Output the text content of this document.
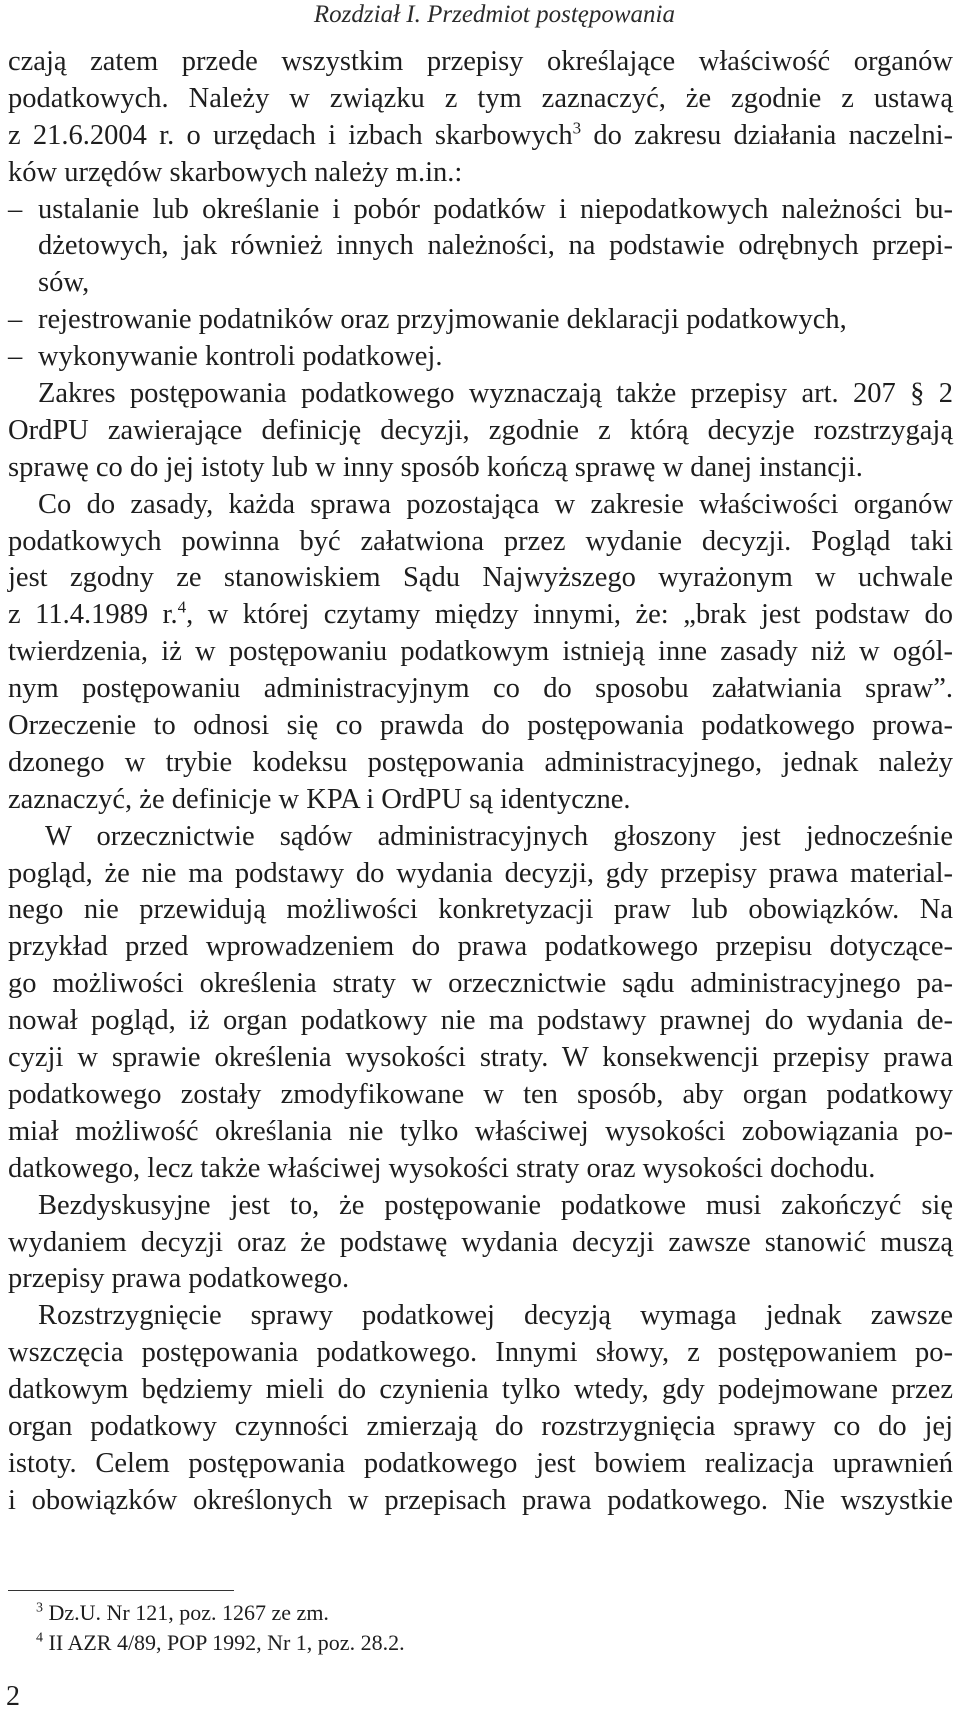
Rozdział I. Przedmiot postępowania
czają zatem przede wszystkim przepisy określające właściwość organów
podatkowych. Należy w związku z tym zaznaczyć, że zgodnie z ustawą
z 21.6.2004 r. o urzędach i izbach skarbowych$^3$ do zakresu działania naczelni-
ków urzędów skarbowych należy m.in.:
– ustalanie lub określanie i pobór podatków i niepodatkowych należności bu-
dżetowych, jak również innych należności, na podstawie odrębnych przepi-
sów,
– rejestrowanie podatników oraz przyjmowanie deklaracji podatkowych,
– wykonywanie kontroli podatkowej.
Zakres postępowania podatkowego wyznaczają także przepisy art. 207 § 2
OrdPU zawierające definicję decyzji, zgodnie z którą decyzje rozstrzygają
sprawę co do jej istoty lub w inny sposób kończą sprawę w danej instancji.
Co do zasady, każda sprawa pozostająca w zakresie właściwości organów
podatkowych powinna być załatwiona przez wydanie decyzji. Pogląd taki
jest zgodny ze stanowiskiem Sądu Najwyższego wyrażonym w uchwale
z 11.4.1989 r.$^4$, w której czytamy między innymi, że: „brak jest podstaw do
twierdzenia, iż w postępowaniu podatkowym istnieją inne zasady niż w ogól-
nym postępowaniu administracyjnym co do sposobu załatwiania spraw”.
Orzeczenie to odnosi się co prawda do postępowania podatkowego prowa-
dzonego w trybie kodeksu postępowania administracyjnego, jednak należy
zaznaczyć, że definicje w KPA i OrdPU są identyczne.
W orzecznictwie sądów administracyjnych głoszony jest jednocześnie
pogląd, że nie ma podstawy do wydania decyzji, gdy przepisy prawa material-
nego nie przewidują możliwości konkretyzacji praw lub obowiązków. Na
przykład przed wprowadzeniem do prawa podatkowego przepisu dotyczące-
go możliwości określenia straty w orzecznictwie sądu administracyjnego pa-
nował pogląd, iż organ podatkowy nie ma podstawy prawnej do wydania de-
cyzji w sprawie określenia wysokości straty. W konsekwencji przepisy prawa
podatkowego zostały zmodyfikowane w ten sposób, aby organ podatkowy
miał możliwość określania nie tylko właściwej wysokości zobowiązania po-
datkowego, lecz także właściwej wysokości straty oraz wysokości dochodu.
Bezdyskusyjne jest to, że postępowanie podatkowe musi zakończyć się
wydaniem decyzji oraz że podstawę wydania decyzji zawsze stanowić muszą
przepisy prawa podatkowego.
Rozstrzygnięcie sprawy podatkowej decyzją wymaga jednak zawsze
wszczęcia postępowania podatkowego. Innymi słowy, z postępowaniem po-
datkowym będziemy mieli do czynienia tylko wtedy, gdy podejmowane przez
organ podatkowy czynności zmierzają do rozstrzygnięcia sprawy co do jej
istoty. Celem postępowania podatkowego jest bowiem realizacja uprawnień
i obowiązków określonych w przepisach prawa podatkowego. Nie wszystkie
$^3$ Dz.U. Nr 121, poz. 1267 ze zm.
$^4$ II AZR 4/89, POP 1992, Nr 1, poz. 28.2.
2
